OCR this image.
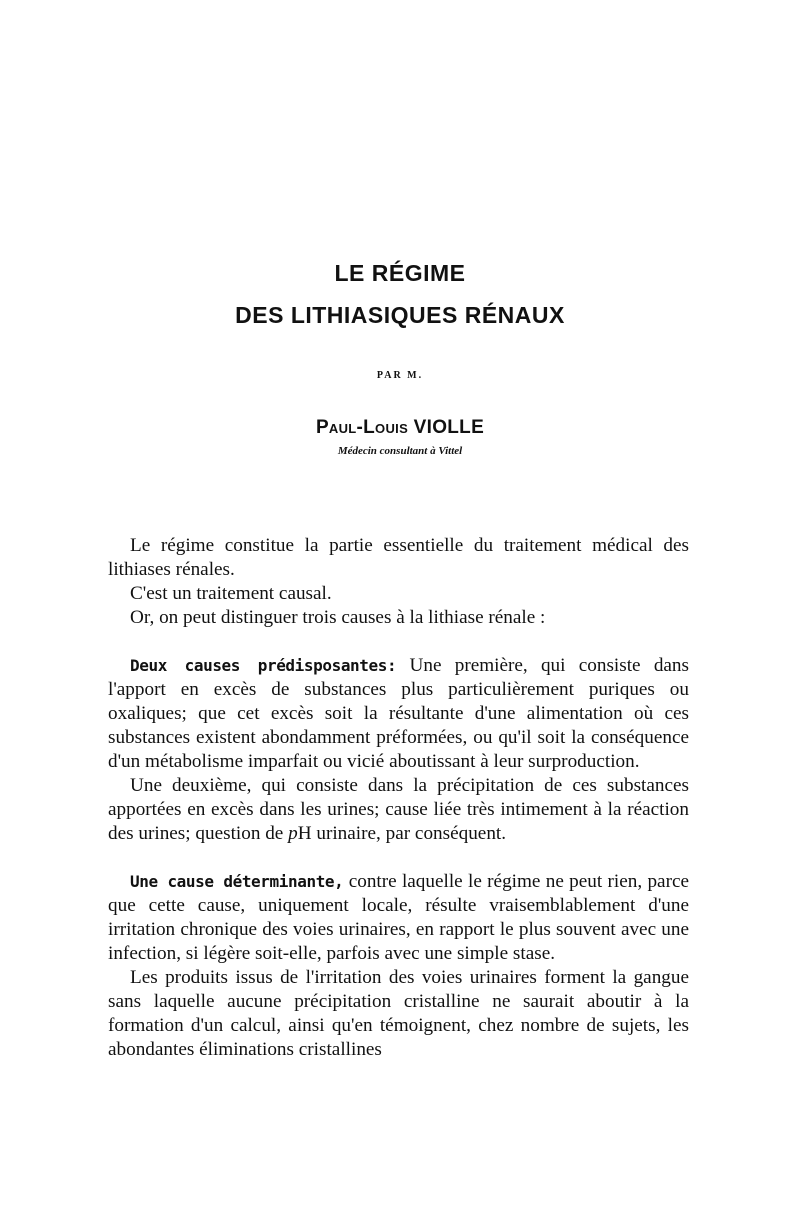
LE RÉGIME
DES LITHIASIQUES RÉNAUX
PAR M.
Paul-Louis VIOLLE
Médecin consultant à Vittel

Le régime constitue la partie essentielle du traitement médical des lithiases rénales.

C'est un traitement causal.

Or, on peut distinguer trois causes à la lithiase rénale :

Deux causes prédisposantes: Une première, qui consiste dans l'apport en excès de substances plus particulièrement puriques ou oxaliques; que cet excès soit la résultante d'une alimentation où ces substances existent abondamment préformées, ou qu'il soit la conséquence d'un métabolisme imparfait ou vicié aboutissant à leur surproduction.

Une deuxième, qui consiste dans la précipitation de ces substances apportées en excès dans les urines; cause liée très intimement à la réaction des urines; question de pH urinaire, par conséquent.

Une cause déterminante, contre laquelle le régime ne peut rien, parce que cette cause, uniquement locale, résulte vraisemblablement d'une irritation chronique des voies urinaires, en rapport le plus souvent avec une infection, si légère soit-elle, parfois avec une simple stase.

Les produits issus de l'irritation des voies urinaires forment la gangue sans laquelle aucune précipitation cristalline ne saurait aboutir à la formation d'un calcul, ainsi qu'en témoignent, chez nombre de sujets, les abondantes éliminations cristallines
